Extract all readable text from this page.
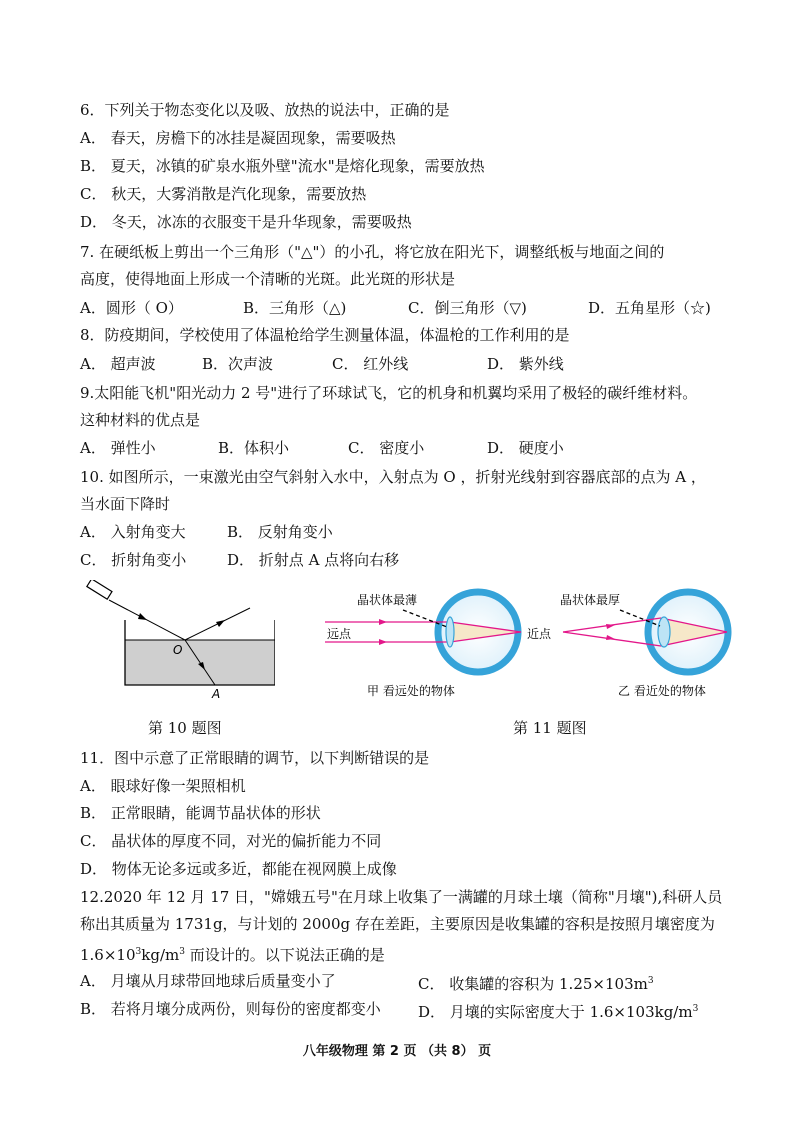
6．下列关于物态变化以及吸、放热的说法中，正确的是
A． 春天，房檐下的冰挂是凝固现象，需要吸热
B． 夏天，冰镇的矿泉水瓶外壁"流水"是熔化现象，需要放热
C． 秋天，大雾消散是汽化现象，需要放热
D． 冬天，冰冻的衣服变干是升华现象，需要吸热
7. 在硬纸板上剪出一个三角形（"△"）的小孔，将它放在阳光下，调整纸板与地面之间的
高度，使得地面上形成一个清晰的光斑。此光斑的形状是
A．圆形（ O）	B．三角形（△)	C．倒三角形（▽)	D．五角星形（☆)
8．防疫期间，学校使用了体温枪给学生测量体温，体温枪的工作利用的是
A． 超声波	B．次声波	C． 红外线	D． 紫外线
9.太阳能飞机"阳光动力 2 号"进行了环球试飞，它的机身和机翼均采用了极轻的碳纤维材料。
这种材料的优点是
A． 弹性小	B．体积小	C． 密度小	D． 硬度小
10. 如图所示，一束激光由空气斜射入水中，入射点为 O ，折射光线射到容器底部的点为 A ，
当水面下降时
A． 入射角变大	B． 反射角变小
C． 折射角变小	D． 折射点 A 点将向右移
O
A
第 10 题图
晶状体最薄
远点
甲 看远处的物体
晶状体最厚
近点
乙 看近处的物体
第 11 题图
11．图中示意了正常眼睛的调节，以下判断错误的是
A． 眼球好像一架照相机
B． 正常眼睛，能调节晶状体的形状
C． 晶状体的厚度不同，对光的偏折能力不同
D． 物体无论多远或多近，都能在视网膜上成像
12.2020 年 12 月 17 日，"嫦娥五号"在月球上收集了一满罐的月球土壤（简称"月壤"),科研人员
称出其质量为 1731g，与计划的 2000g 存在差距，主要原因是收集罐的容积是按照月壤密度为
$1.6\times 10^3kg/m^3$ 而设计的。以下说法正确的是
A． 月壤从月球带回地球后质量变小了	C． 收集罐的容积为 $1.25\times 103m^3$
B． 若将月壤分成两份，则每份的密度都变小 D． 月壤的实际密度大于 $1.6\times 103kg/m^3$
八年级物理 第 2 页 （共 8） 页
